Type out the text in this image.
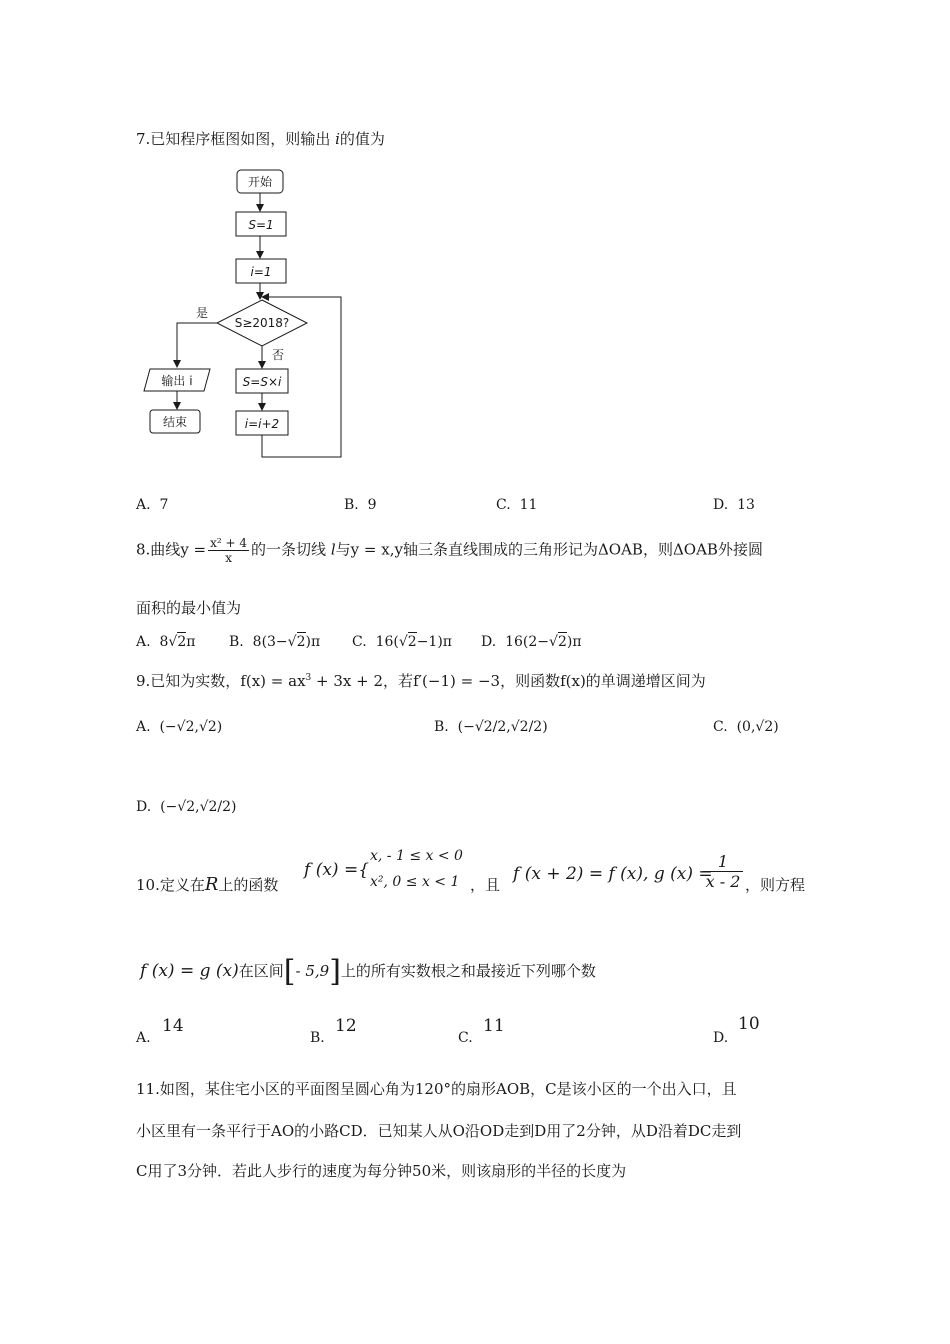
7.已知程序框图如图，则输出 i的值为
开始
S=1
i=1
S≥2018?
是
否
输出 i
结束
S=S×i
i=i+2
A. 7	B. 9	C. 11	D. 13
8.曲线$y = \frac{\text{x² + 4}}{x}$ 的一条切线 l与y = x,y轴三条直线围成的三角形记为ΔOAB，则ΔOAB外接圆
面积的最小值为
A. 8√2π B. 8(3−√2)π C. 16(√2−1)π D. 16(2−√2)π
9.已知为实数，$f(x) = ax^3 + 3x + 2$，若f′(−1) = −3，则函数f(x)的单调递增区间为
A. (−√2,√2)	B. (−√2/2,√2/2)	C. (0,√2)
D. (−√2,√2/2)
10.定义在R上的函数
f (x) ={
x, - 1 ≤ x < 0
x², 0 ≤ x < 1 ，且
f (x + 2) = f (x), g (x) =
1
x - 2 ，则方程
f (x) = g (x)在区间[- 5,9]上的所有实数根之和最接近下列哪个数
A.
14
B.
12
C.
11
D.
10
11.如图，某住宅小区的平面图呈圆心角为120°的扇形AOB，C是该小区的一个出入口，且
小区里有一条平行于AO的小路CD．已知某人从O沿OD走到D用了2分钟，从D沿着DC走到
C用了3分钟．若此人步行的速度为每分钟50米，则该扇形的半径的长度为
